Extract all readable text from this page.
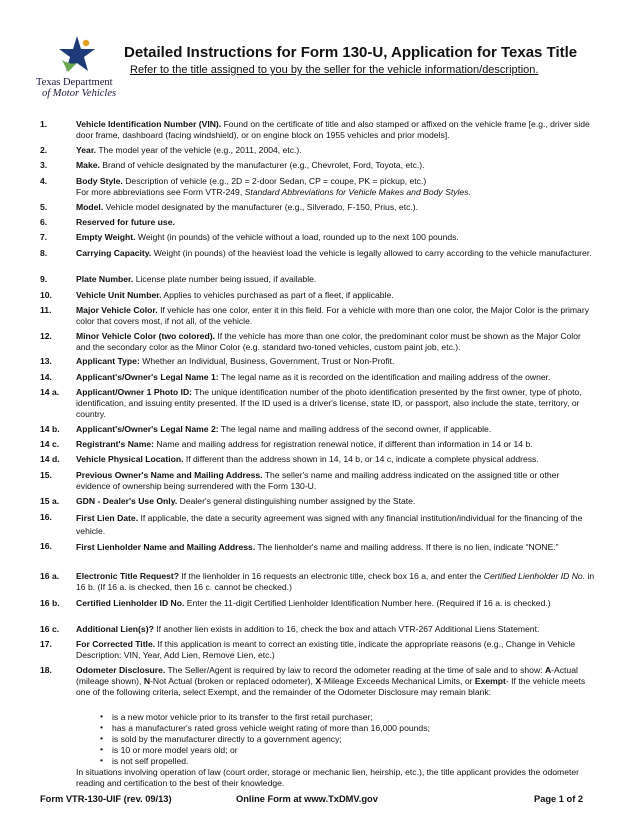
Texas Department
of Motor Vehicles
Detailed Instructions for Form 130-U, Application for Texas Title
Refer to the title assigned to you by the seller for the vehicle information/description.
1.	Vehicle Identification Number (VIN). Found on the certificate of title and also stamped or affixed on the vehicle frame [e.g., driver side door frame, dashboard (facing windshield), or on engine block on 1955 vehicles and prior models].
2.	Year. The model year of the vehicle (e.g., 2011, 2004, etc.).
3.	Make. Brand of vehicle designated by the manufacturer (e.g., Chevrolet, Ford, Toyota, etc.).
4.	Body Style. Description of vehicle (e.g., 2D = 2-door Sedan, CP = coupe, PK = pickup, etc.)
For more abbreviations see Form VTR-249, Standard Abbreviations for Vehicle Makes and Body Styles.
5.	Model. Vehicle model designated by the manufacturer (e.g., Silverado, F-150, Prius, etc.).
6.	Reserved for future use.
7.	Empty Weight. Weight (in pounds) of the vehicle without a load, rounded up to the next 100 pounds.
8.	Carrying Capacity. Weight (in pounds) of the heaviest load the vehicle is legally allowed to carry according to the vehicle manufacturer.
9.	Plate Number. License plate number being issued, if available.
10.	Vehicle Unit Number. Applies to vehicles purchased as part of a fleet, if applicable.
11.	Major Vehicle Color. If vehicle has one color, enter it in this field. For a vehicle with more than one color, the Major Color is the primary color that covers most, if not all, of the vehicle.
12.	Minor Vehicle Color (two colored). If the vehicle has more than one color, the predominant color must be shown as the Major Color and the secondary color as the Minor Color (e.g. standard two-toned vehicles, custom paint job, etc.).
13.	Applicant Type: Whether an Individual, Business, Government, Trust or Non-Profit.
14.	Applicant's/Owner's Legal Name 1: The legal name as it is recorded on the identification and mailing address of the owner.
14 a. Applicant/Owner 1 Photo ID: The unique identification number of the photo identification presented by the first owner, type of photo, identification, and issuing entity presented. If the ID used is a driver's license, state ID, or passport, also include the state, territory, or country.
14 b. Applicant's/Owner's Legal Name 2: The legal name and mailing address of the second owner, if applicable.
14 c. Registrant's Name: Name and mailing address for registration renewal notice, if different than information in 14 or 14 b.
14 d. Vehicle Physical Location. If different than the address shown in 14, 14 b, or 14 c, indicate a complete physical address.
15.	Previous Owner's Name and Mailing Address. The seller's name and mailing address indicated on the assigned title or other evidence of ownership being surrendered with the Form 130-U.
15 a. GDN - Dealer's Use Only. Dealer's general distinguishing number assigned by the State.
16.	First Lien Date. If applicable, the date a security agreement was signed with any financial institution/individual for the financing of the vehicle.
16.	First Lienholder Name and Mailing Address. The lienholder's name and mailing address. If there is no lien, indicate “NONE.”
16 a. Electronic Title Request? If the lienholder in 16 requests an electronic title, check box 16 a, and enter the Certified Lienholder ID No. in 16 b. (If 16 a. is checked, then 16 c. cannot be checked.)
16 b. Certified Lienholder ID No. Enter the 11-digit Certified Lienholder Identification Number here. (Required if 16 a. is checked.)
16 c. Additional Lien(s)? If another lien exists in addition to 16, check the box and attach VTR-267 Additional Liens Statement.
17.	For Corrected Title. If this application is meant to correct an existing title, indicate the appropriate reasons (e.g., Change in Vehicle Description: VIN, Year, Add Lien, Remove Lien, etc.)
18.	Odometer Disclosure. The Seller/Agent is required by law to record the odometer reading at the time of sale and to show: A-Actual (mileage shown), N-Not Actual (broken or replaced odometer), X-Mileage Exceeds Mechanical Limits, or Exempt- If the vehicle meets one of the following criteria, select Exempt, and the remainder of the Odometer Disclosure may remain blank:
• is a new motor vehicle prior to its transfer to the first retail purchaser;
• has a manufacturer's rated gross vehicle weight rating of more than 16,000 pounds;
• is sold by the manufacturer directly to a government agency;
• is 10 or more model years old; or
• is not self propelled.
In situations involving operation of law (court order, storage or mechanic lien, heirship, etc.), the title applicant provides the odometer reading and certification to the best of their knowledge.
Form VTR-130-UIF (rev. 09/13)	Online Form at www.TxDMV.gov	Page 1 of 2
